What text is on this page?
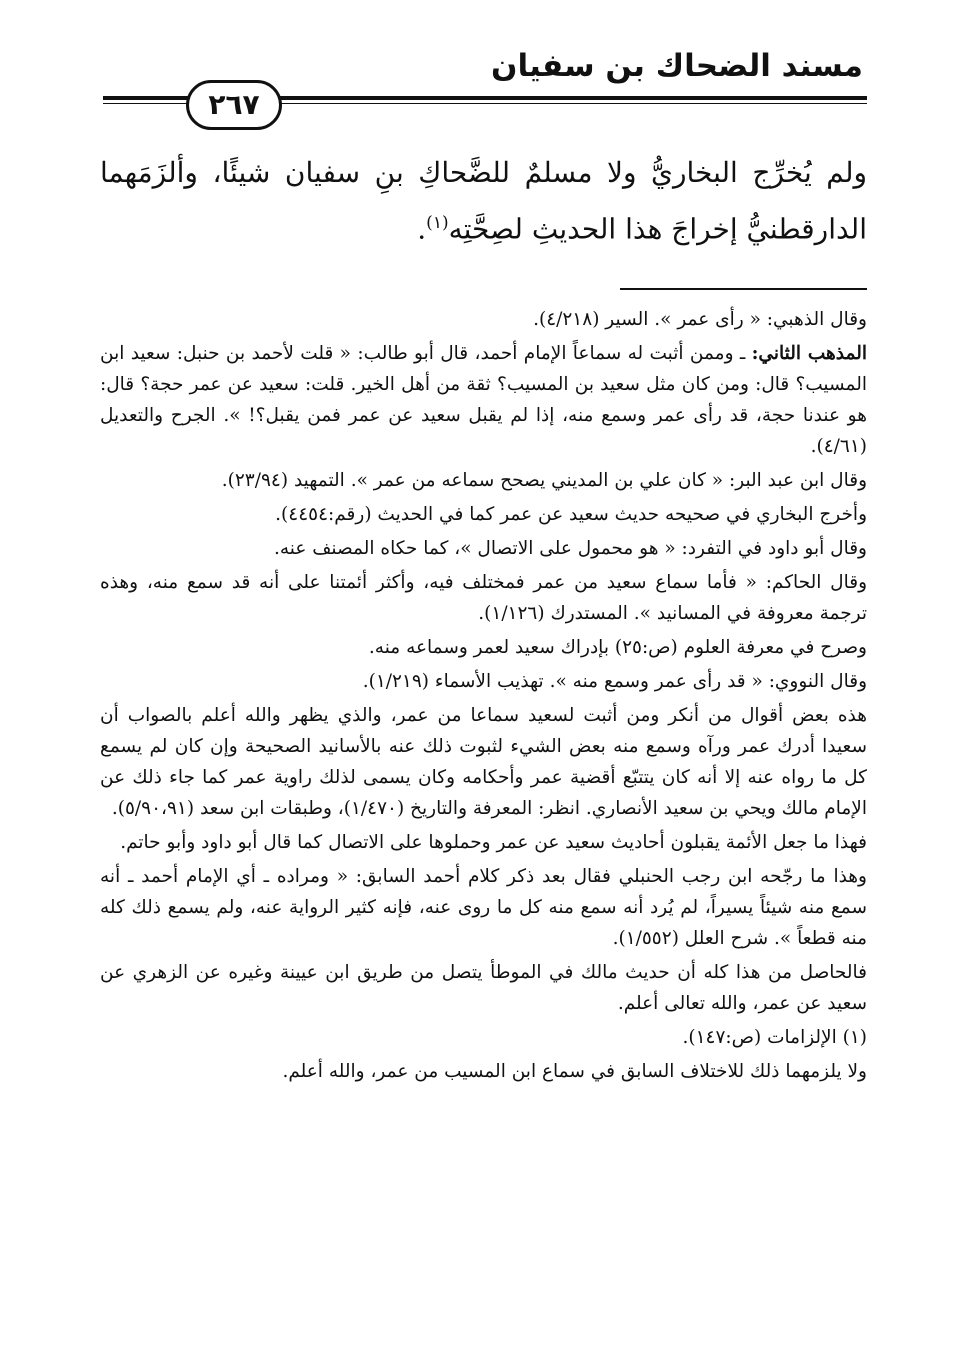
مسند الضحاك بن سفيان
٢٦٧

ولم يُخرِّج البخاريُّ ولا مسلمٌ للضَّحاكِ بنِ سفيان شيئًا، وألزَمَهما الدارقطنيُّ إخراجَ هذا الحديثِ لصِحَّتِه$^{(١)}$.

وقال الذهبي: « رأى عمر ». السير (٤/٢١٨).

المذهب الثاني: ـ وممن أثبت له سماعاً الإمام أحمد، قال أبو طالب: « قلت لأحمد بن حنبل: سعيد ابن المسيب؟ قال: ومن كان مثل سعيد بن المسيب؟ ثقة من أهل الخير. قلت: سعيد عن عمر حجة؟ قال: هو عندنا حجة، قد رأى عمر وسمع منه، إذا لم يقبل سعيد عن عمر فمن يقبل؟! ». الجرح والتعديل (٤/٦١).

وقال ابن عبد البر: « كان علي بن المديني يصحح سماعه من عمر ». التمهيد (٢٣/٩٤).

وأخرج البخاري في صحيحه حديث سعيد عن عمر كما في الحديث (رقم:٤٤٥٤).

وقال أبو داود في التفرد: « هو محمول على الاتصال »، كما حكاه المصنف عنه.

وقال الحاكم: « فأما سماع سعيد من عمر فمختلف فيه، وأكثر أئمتنا على أنه قد سمع منه، وهذه ترجمة معروفة في المسانيد ». المستدرك (١/١٢٦).

وصرح في معرفة العلوم (ص:٢٥) بإدراك سعيد لعمر وسماعه منه.

وقال النووي: « قد رأى عمر وسمع منه ». تهذيب الأسماء (١/٢١٩).

هذه بعض أقوال من أنكر ومن أثبت لسعيد سماعا من عمر، والذي يظهر والله أعلم بالصواب أن سعيدا أدرك عمر ورآه وسمع منه بعض الشيء لثبوت ذلك عنه بالأسانيد الصحيحة وإن كان لم يسمع كل ما رواه عنه إلا أنه كان يتتبّع أقضية عمر وأحكامه وكان يسمى لذلك راوية عمر كما جاء ذلك عن الإمام مالك ويحي بن سعيد الأنصاري. انظر: المعرفة والتاريخ (١/٤٧٠)، وطبقات ابن سعد (٥/٩٠،٩١).

فهذا ما جعل الأئمة يقبلون أحاديث سعيد عن عمر وحملوها على الاتصال كما قال أبو داود وأبو حاتم.

وهذا ما رجّحه ابن رجب الحنبلي فقال بعد ذكر كلام أحمد السابق: « ومراده ـ أي الإمام أحمد ـ أنه سمع منه شيئاً يسيراً، لم يُرد أنه سمع منه كل ما روى عنه، فإنه كثير الرواية عنه، ولم يسمع ذلك كله منه قطعاً ». شرح العلل (١/٥٥٢).

فالحاصل من هذا كله أن حديث مالك في الموطأ يتصل من طريق ابن عيينة وغيره عن الزهري عن سعيد عن عمر، والله تعالى أعلم.

(١) الإلزامات (ص:١٤٧).

ولا يلزمهما ذلك للاختلاف السابق في سماع ابن المسيب من عمر، والله أعلم.
